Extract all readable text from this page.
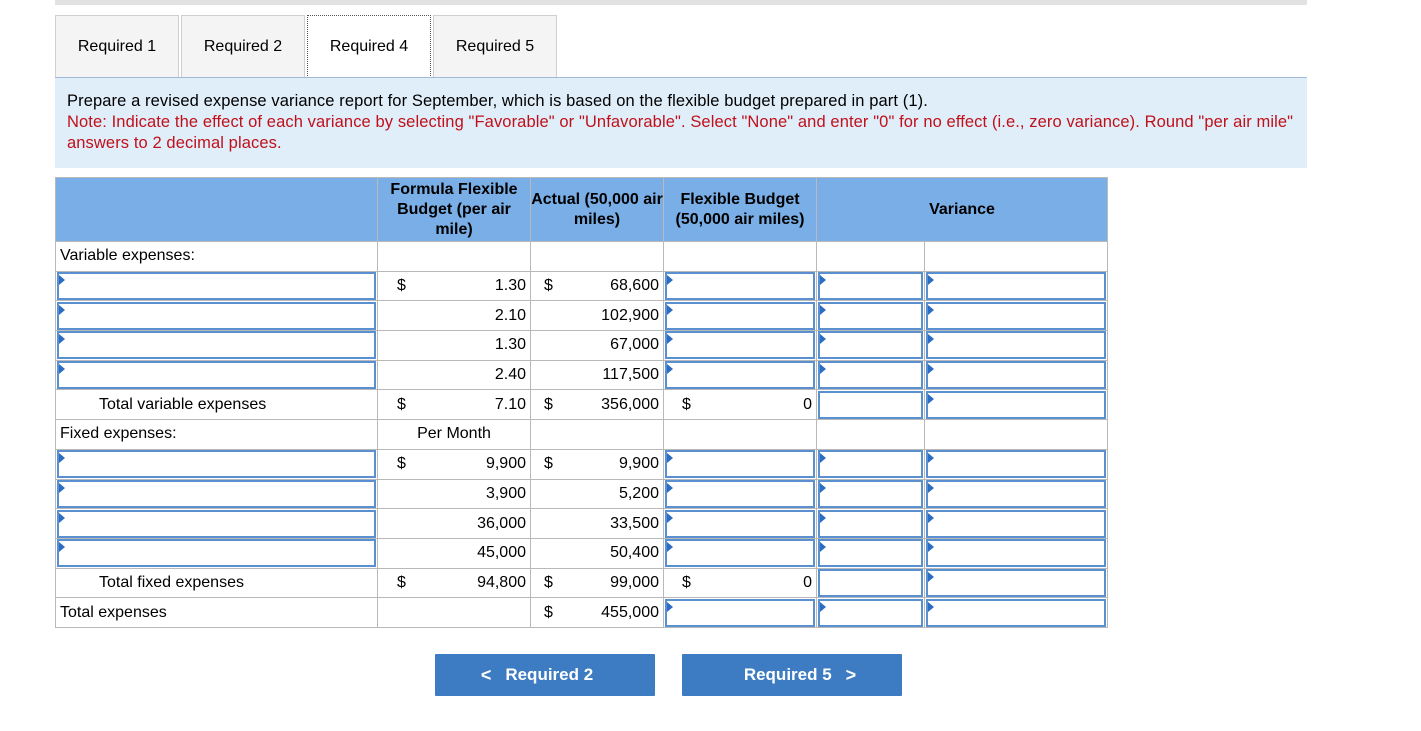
Required 1	Required 2	Required 4	Required 5
Prepare a revised expense variance report for September, which is based on the flexible budget prepared in part (1).
Note: Indicate the effect of each variance by selecting "Favorable" or "Unfavorable". Select "None" and enter "0" for no effect (i.e., zero variance). Round "per air mile" answers to 2 decimal places.
	Formula Flexible Budget (per air mile)	Actual (50,000 air miles)	Flexible Budget (50,000 air miles)	Variance	
Variable expenses:					

	$ 1.30	$ 68,600			

	2.10	102,900	

	1.30	67,000	

	2.40	117,500	

Total variable expenses	$ 7.10	$ 356,000	$ 0		

Fixed expenses:	Per Month				

	$ 9,900	$ 9,900			

	3,900	5,200	

	36,000	33,500	

	45,000	50,400	

Total fixed expenses	$ 94,800	$ 99,000	$ 0		

Total expenses		$ 455,000			

< Required 2	Required 5 >
